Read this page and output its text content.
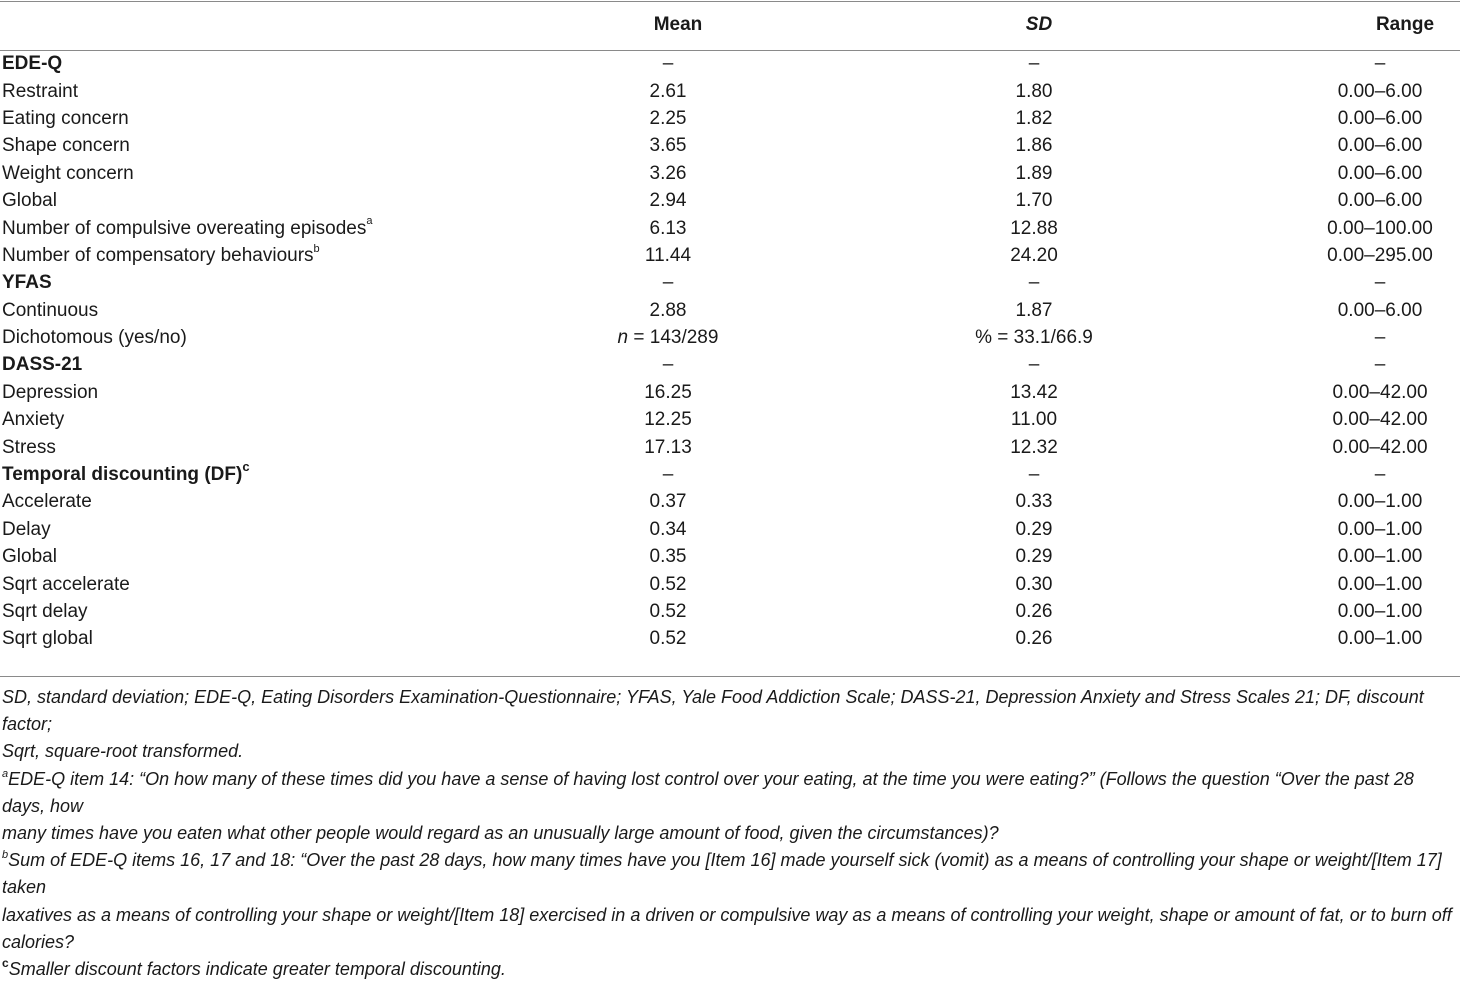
	Mean	SD	Range
EDE-Q	–	–	–
Restraint	2.61	1.80	0.00–6.00
Eating concern	2.25	1.82	0.00–6.00
Shape concern	3.65	1.86	0.00–6.00
Weight concern	3.26	1.89	0.00–6.00
Global	2.94	1.70	0.00–6.00
Number of compulsive overeating episodes$^a$	6.13	12.88	0.00–100.00
Number of compensatory behaviours$^b$	11.44	24.20	0.00–295.00
YFAS	–	–	–
Continuous	2.88	1.87	0.00–6.00
Dichotomous (yes/no)	n = 143/289	% = 33.1/66.9	–
DASS-21	–	–	–
Depression	16.25	13.42	0.00–42.00
Anxiety	12.25	11.00	0.00–42.00
Stress	17.13	12.32	0.00–42.00
Temporal discounting (DF)$^c$	–	–	–
Accelerate	0.37	0.33	0.00–1.00
Delay	0.34	0.29	0.00–1.00
Global	0.35	0.29	0.00–1.00
Sqrt accelerate	0.52	0.30	0.00–1.00
Sqrt delay	0.52	0.26	0.00–1.00
Sqrt global	0.52	0.26	0.00–1.00

SD, standard deviation; EDE-Q, Eating Disorders Examination-Questionnaire; YFAS, Yale Food Addiction Scale; DASS-21, Depression Anxiety and Stress Scales 21; DF, discount factor;
Sqrt, square-root transformed.

$^a$EDE-Q item 14: “On how many of these times did you have a sense of having lost control over your eating, at the time you were eating?” (Follows the question “Over the past 28 days, how
many times have you eaten what other people would regard as an unusually large amount of food, given the circumstances)?

$^b$Sum of EDE-Q items 16, 17 and 18: “Over the past 28 days, how many times have you [Item 16] made yourself sick (vomit) as a means of controlling your shape or weight/[Item 17] taken
laxatives as a means of controlling your shape or weight/[Item 18] exercised in a driven or compulsive way as a means of controlling your weight, shape or amount of fat, or to burn off
calories?

$^c$Smaller discount factors indicate greater temporal discounting.
